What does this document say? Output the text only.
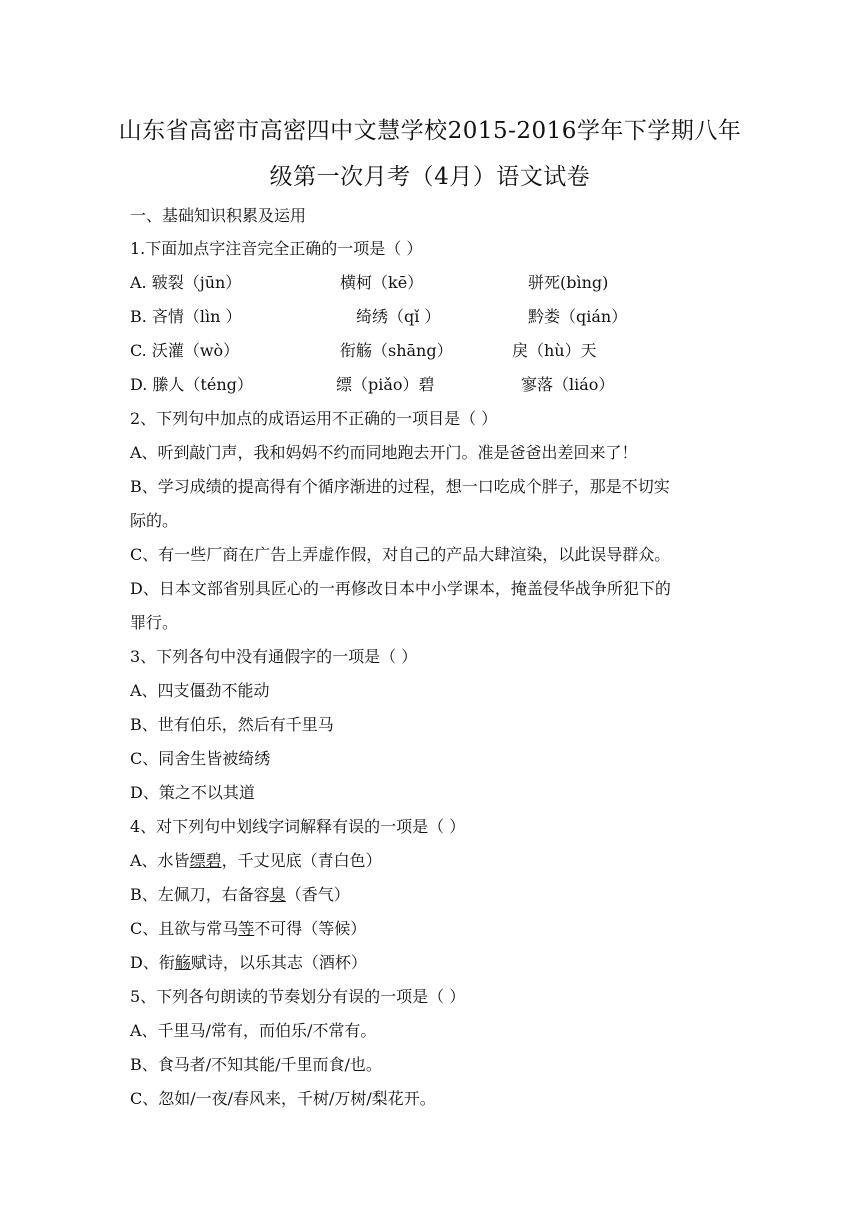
山东省高密市高密四中文慧学校2015-2016学年下学期八年
级第一次月考（4月）语文试卷
一、基础知识积累及运用
1.下面加点字注音完全正确的一项是（ ）
A. 皲裂（jūn）	横柯（kē）	骈死(bìng)
B. 吝情（lìn ）	绮绣（qǐ ）	黔娄（qián）
C. 沃灌（wò）	衔觞（shāng）	戾（hù）天
D. 縢人（téng）	缥（piǎo）碧	寥落（liáo）
2、下列句中加点的成语运用不正确的一项目是（ ）
A、听到敲门声，我和妈妈不约而同地跑去开门。准是爸爸出差回来了！
B、学习成绩的提高得有个循序渐进的过程，想一口吃成个胖子，那是不切实
际的。
C、有一些厂商在广告上弄虚作假，对自己的产品大肆渲染，以此误导群众。
D、日本文部省别具匠心的一再修改日本中小学课本，掩盖侵华战争所犯下的
罪行。
3、下列各句中没有通假字的一项是（ ）
A、四支僵劲不能动
B、世有伯乐，然后有千里马
C、同舍生皆被绮绣
D、策之不以其道
4、对下列句中划线字词解释有误的一项是（ ）
A、水皆缥碧，千丈见底（青白色）
B、左佩刀，右备容臭（香气）
C、且欲与常马等不可得（等候）
D、衔觞赋诗，以乐其志（酒杯）
5、下列各句朗读的节奏划分有误的一项是（ ）
A、千里马/常有，而伯乐/不常有。
B、食马者/不知其能/千里而食/也。
C、忽如/一夜/春风来，千树/万树/梨花开。
